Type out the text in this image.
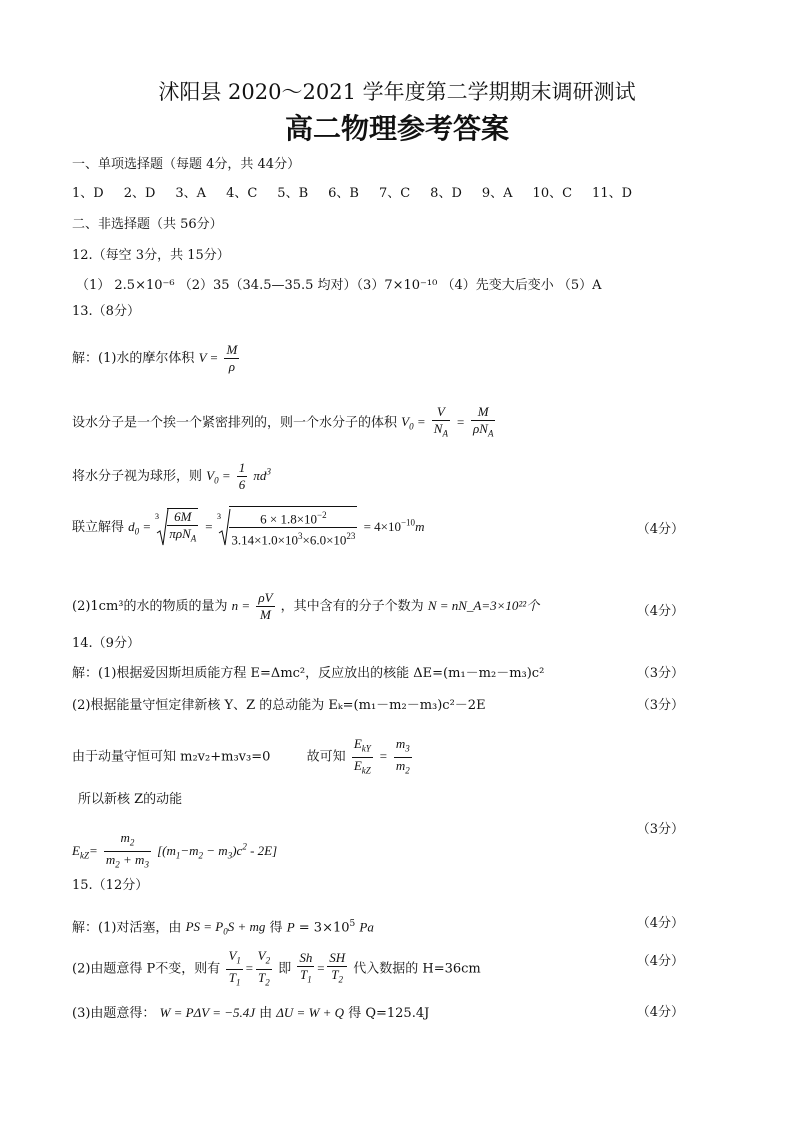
沭阳县 2020～2021 学年度第二学期期末调研测试
高二物理参考答案
一、单项选择题（每题 4分，共 44分）
1、D 2、D 3、A 4、C 5、B 6、B 7、C 8、D 9、A 10、C 11、D
二、非选择题（共 56分）
12.（每空 3分，共 15分）
（1） 2.5×10⁻⁶ （2）35（34.5—35.5 均对）（3）7×10⁻¹⁰ （4）先变大后变小 （5）A
13.（8分）
解：(1)水的摩尔体积 $V = \frac{M}{\rho}$
设水分子是一个挨一个紧密排列的，则一个水分子的体积 $V_0 = \frac{V}{N_A} = \frac{M}{\rho N_A}$
将水分子视为球形，则 $V_0 = \frac{1}{6} \pi d^3$
联立解得 $d_0$ =
$3 \frac{6M}{\pi\rho N_A}$ =
$3 \frac{6 \times 1.8\times 10^{-2}}{3.14\times 1.0\times 10^3\times 6.0\times 10^{23}} = 4\times 10^{-10}m$	（4分）
(2)1cm³的水的物质的量为 $n = \frac{\rho V}{M}$ ，其中含有的分子个数为 N = nN_A=3×10²²个	（4分）
14.（9分）
解：(1)根据爱因斯坦质能方程 E=Δmc²，反应放出的核能 ΔE=(m₁－m₂－m₃)c²	（3分）
(2)根据能量守恒定律新核 Y、Z 的总动能为 Eₖ=(m₁－m₂－m₃)c²－2E	（3分）
由于动量守恒可知 m₂v₂+m₃v₃=0	故可知 $\frac{E_{kY}}{E_{kZ}} = \frac{m_3}{m_2}$
所以新核 Z的动能
（3分）
$E_{kZ}= \frac{m_2}{m_2 + m_3} [(m_1-m_2 - m_3)c^2 - 2E]$
15.（12分）
解：(1)对活塞，由 PS = $P_0S$ + mg 得 $P = 3\times 10^5$ Pa	（4分）
(2)由题意得 P不变，则有 $\frac{V_1}{T_1} = \frac{V_2}{T_2}$ 即 $\frac{Sh}{T_1} = \frac{SH}{T_2}$ 代入数据的 H=36cm
（4分）
(3)由题意得： W = PΔV = −5.4J 由 ΔU = W + Q 得 Q=125.4J	（4分）
